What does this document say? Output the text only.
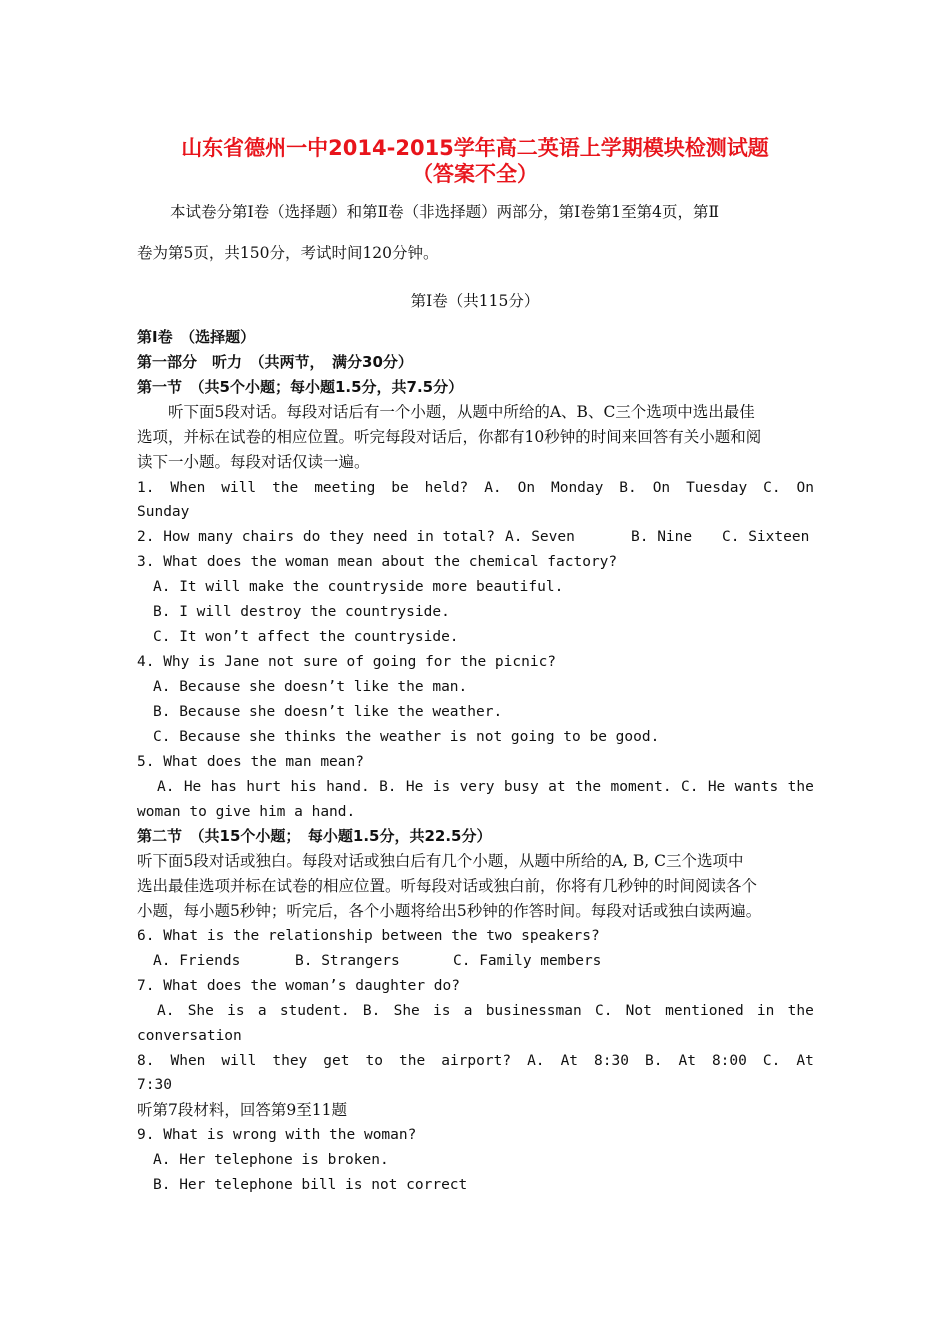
山东省德州一中2014-2015学年高二英语上学期模块检测试题
（答案不全）
本试卷分第Ⅰ卷（选择题）和第Ⅱ卷（非选择题）两部分，第Ⅰ卷第1至第4页，第Ⅱ
卷为第5页，共150分，考试时间120分钟。
第Ⅰ卷（共115分）
第Ⅰ卷　（选择题）
第一部分　听力　（共两节，　满分30分）
第一节　（共5个小题；每小题1.5分，共7.5分）
　　听下面5段对话。每段对话后有一个小题，从题中所给的A、B、C三个选项中选出最佳
选项，并标在试卷的相应位置。听完每段对话后，你都有10秒钟的时间来回答有关小题和阅
读下一小题。每段对话仅读一遍。
1. When will the meeting be held? A. On Monday B. On Tuesday C. On
Sunday
2. How many chairs do they need in total? A. Seven	B. Nine C. Sixteen
3. What does the woman mean about the chemical factory?
A. It will make the countryside more beautiful.
B. I will destroy the countryside.
C. It won’t affect the countryside.
4. Why is Jane not sure of going for the picnic?
A. Because she doesn’t like the man.
B. Because she doesn’t like the weather.
C. Because she thinks the weather is not going to be good.
5. What does the man mean?
A. He has hurt his hand. B. He is very busy at the moment. C. He wants the
woman to give him a hand.
第二节　（共15个小题；　每小题1.5分，共22.5分）
听下面5段对话或独白。每段对话或独白后有几个小题，从题中所给的A, B, C三个选项中
选出最佳选项并标在试卷的相应位置。听每段对话或独白前，你将有几秒钟的时间阅读各个
小题，每小题5秒钟；听完后，各个小题将给出5秒钟的作答时间。每段对话或独白读两遍。
6. What is the relationship between the two speakers?
A. Friends	B. Strangers	C. Family members
7. What does the woman’s daughter do?
A. She is a student. B. She is a businessman C. Not mentioned in the
conversation
8. When will they get to the airport? A. At 8:30 B. At 8:00 C. At
7:30
听第7段材料，回答第9至11题
9. What is wrong with the woman?
A. Her telephone is broken.
B. Her telephone bill is not correct
